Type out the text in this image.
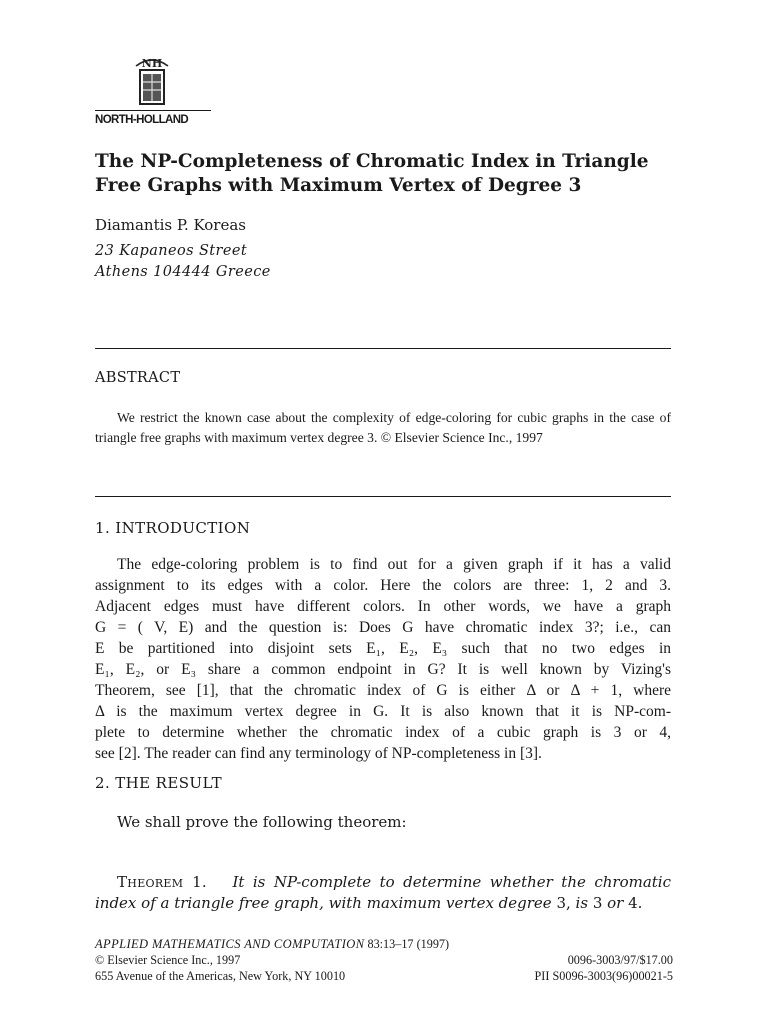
NH
NORTH-HOLLAND
The NP-Completeness of Chromatic Index in Triangle
Free Graphs with Maximum Vertex of Degree 3
Diamantis P. Koreas
23 Kapaneos Street
Athens 104444 Greece
ABSTRACT
We restrict the known case about the complexity of edge-coloring for cubic graphs in the case of triangle free graphs with maximum vertex degree 3. © Elsevier Science Inc., 1997
1. INTRODUCTION
The edge-coloring problem is to find out for a given graph if it has a valid
assignment to its edges with a color. Here the colors are three: 1, 2 and 3.
Adjacent edges must have different colors. In other words, we have a graph
G = ( V, E) and the question is: Does G have chromatic index 3?; i.e., can
E be partitioned into disjoint sets E₁, E₂, E₃ such that no two edges in
E₁, E₂, or E₃ share a common endpoint in G? It is well known by Vizing's
Theorem, see [1], that the chromatic index of G is either Δ or Δ + 1, where
Δ is the maximum vertex degree in G. It is also known that it is NP-com-
plete to determine whether the chromatic index of a cubic graph is 3 or 4,
see [2]. The reader can find any terminology of NP-completeness in [3].
2. THE RESULT
We shall prove the following theorem:
Theorem 1. It is NP-complete to determine whether the chromatic
index of a triangle free graph, with maximum vertex degree 3, is 3 or 4.
APPLIED MATHEMATICS AND COMPUTATION 83:13–17 (1997)
© Elsevier Science Inc., 1997	0096-3003/97/$17.00
655 Avenue of the Americas, New York, NY 10010	PII S0096-3003(96)00021-5
